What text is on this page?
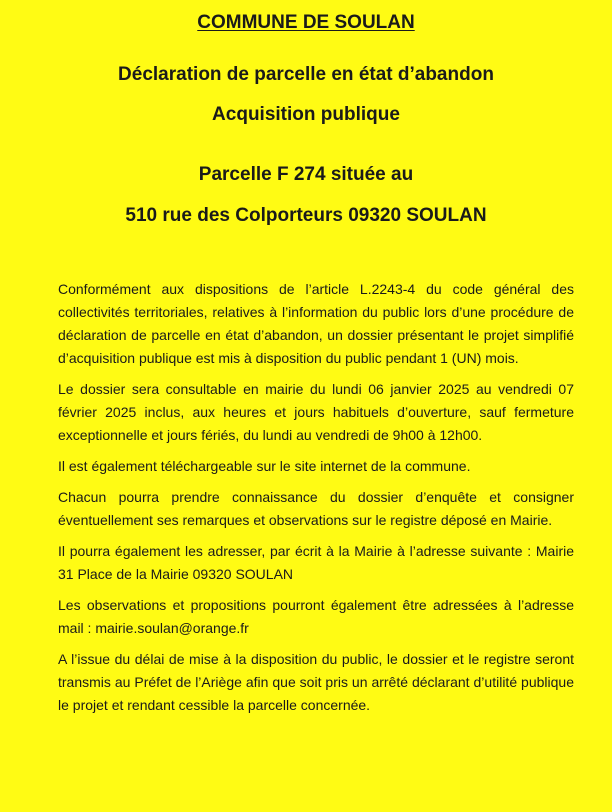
COMMUNE DE SOULAN
Déclaration de parcelle en état d’abandon
Acquisition publique
Parcelle F 274 située au
510 rue des Colporteurs 09320 SOULAN

Conformément aux dispositions de l’article L.2243-4 du code général des collectivités territoriales, relatives à l’information du public lors d’une procédure de déclaration de parcelle en état d’abandon, un dossier présentant le projet simplifié d’acquisition publique est mis à disposition du public pendant 1 (UN) mois.

Le dossier sera consultable en mairie du lundi 06 janvier 2025 au vendredi 07 février 2025 inclus, aux heures et jours habituels d’ouverture, sauf fermeture exceptionnelle et jours fériés, du lundi au vendredi de 9h00 à 12h00.

Il est également téléchargeable sur le site internet de la commune.

Chacun pourra prendre connaissance du dossier d’enquête et consigner éventuellement ses remarques et observations sur le registre déposé en Mairie.

Il pourra également les adresser, par écrit à la Mairie à l’adresse suivante : Mairie 31 Place de la Mairie 09320 SOULAN

Les observations et propositions pourront également être adressées à l’adresse mail : mairie.soulan@orange.fr

A l’issue du délai de mise à la disposition du public, le dossier et le registre seront transmis au Préfet de l’Ariège afin que soit pris un arrêté déclarant d’utilité publique le projet et rendant cessible la parcelle concernée.
